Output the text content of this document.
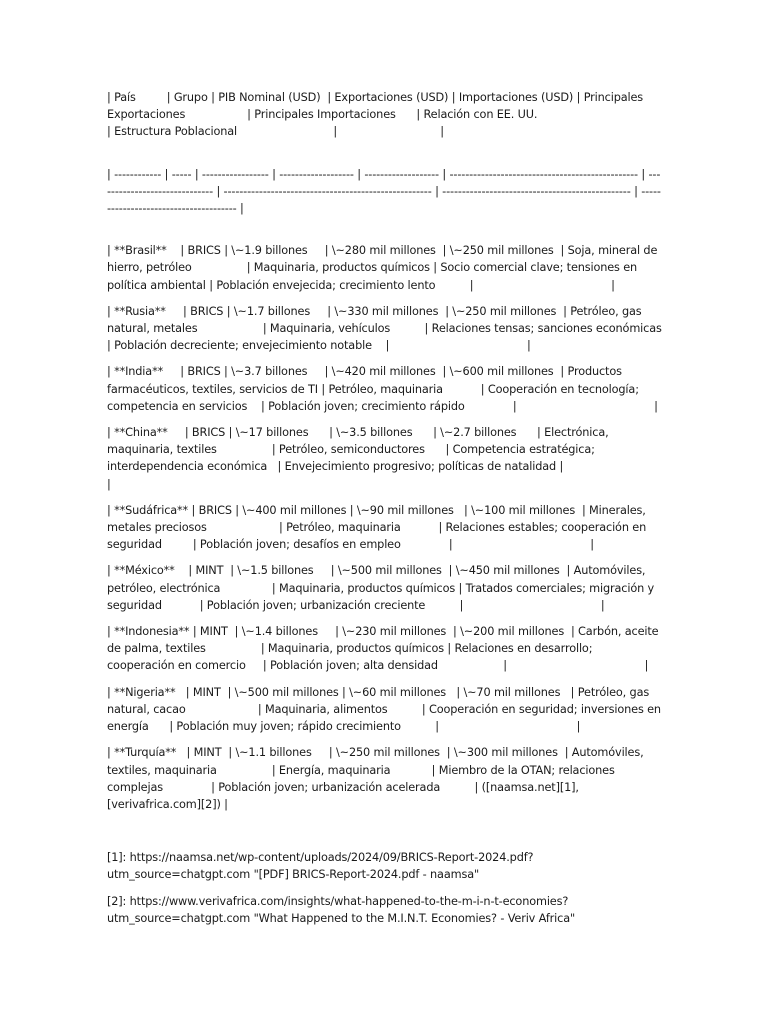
| País         | Grupo | PIB Nominal (USD)  | Exportaciones (USD) | Importaciones (USD) | Principales Exportaciones                  | Principales Importaciones      | Relación con EE. UU.                                    | Estructura Poblacional                            |                              |

| ------------ | ----- | ----------------- | ------------------- | ------------------- | ------------------------------------------------ | ------------------------------ | ----------------------------------------------------- | ------------------------------------------------ | -------------------------------------- |

| **Brasil**    | BRICS | \~1.9 billones     | \~280 mil millones  | \~250 mil millones  | Soja, mineral de hierro, petróleo                | Maquinaria, productos químicos | Socio comercial clave; tensiones en política ambiental | Población envejecida; crecimiento lento          |                                        |

| **Rusia**     | BRICS | \~1.7 billones     | \~330 mil millones  | \~250 mil millones  | Petróleo, gas natural, metales                   | Maquinaria, vehículos          | Relaciones tensas; sanciones económicas               | Población decreciente; envejecimiento notable    |                                        |

| **India**     | BRICS | \~3.7 billones     | \~420 mil millones  | \~600 mil millones  | Productos farmacéuticos, textiles, servicios de TI | Petróleo, maquinaria           | Cooperación en tecnología; competencia en servicios    | Población joven; crecimiento rápido              |                                        |

| **China**     | BRICS | \~17 billones      | \~3.5 billones      | \~2.7 billones      | Electrónica, maquinaria, textiles                | Petróleo, semiconductores      | Competencia estratégica; interdependencia económica   | Envejecimiento progresivo; políticas de natalidad |                                        |

| **Sudáfrica** | BRICS | \~400 mil millones | \~90 mil millones   | \~100 mil millones  | Minerales, metales preciosos                     | Petróleo, maquinaria           | Relaciones estables; cooperación en seguridad         | Población joven; desafíos en empleo              |                                        |

| **México**    | MINT  | \~1.5 billones     | \~500 mil millones  | \~450 mil millones  | Automóviles, petróleo, electrónica               | Maquinaria, productos químicos | Tratados comerciales; migración y seguridad           | Población joven; urbanización creciente          |                                        |

| **Indonesia** | MINT  | \~1.4 billones     | \~230 mil millones  | \~200 mil millones  | Carbón, aceite de palma, textiles                | Maquinaria, productos químicos | Relaciones en desarrollo; cooperación en comercio     | Población joven; alta densidad                   |                                        |

| **Nigeria**   | MINT  | \~500 mil millones | \~60 mil millones   | \~70 mil millones   | Petróleo, gas natural, cacao                     | Maquinaria, alimentos          | Cooperación en seguridad; inversiones en energía      | Población muy joven; rápido crecimiento          |                                        |

| **Turquía**   | MINT  | \~1.1 billones     | \~250 mil millones  | \~300 mil millones  | Automóviles, textiles, maquinaria                | Energía, maquinaria            | Miembro de la OTAN; relaciones complejas              | Población joven; urbanización acelerada          | ([naamsa.net][1], [verivafrica.com][2]) |

[1]: https://naamsa.net/wp-content/uploads/2024/09/BRICS-Report-2024.pdf?utm_source=chatgpt.com "[PDF] BRICS-Report-2024.pdf - naamsa"

[2]: https://www.verivafrica.com/insights/what-happened-to-the-m-i-n-t-economies?utm_source=chatgpt.com "What Happened to the M.I.N.T. Economies? - Veriv Africa"
